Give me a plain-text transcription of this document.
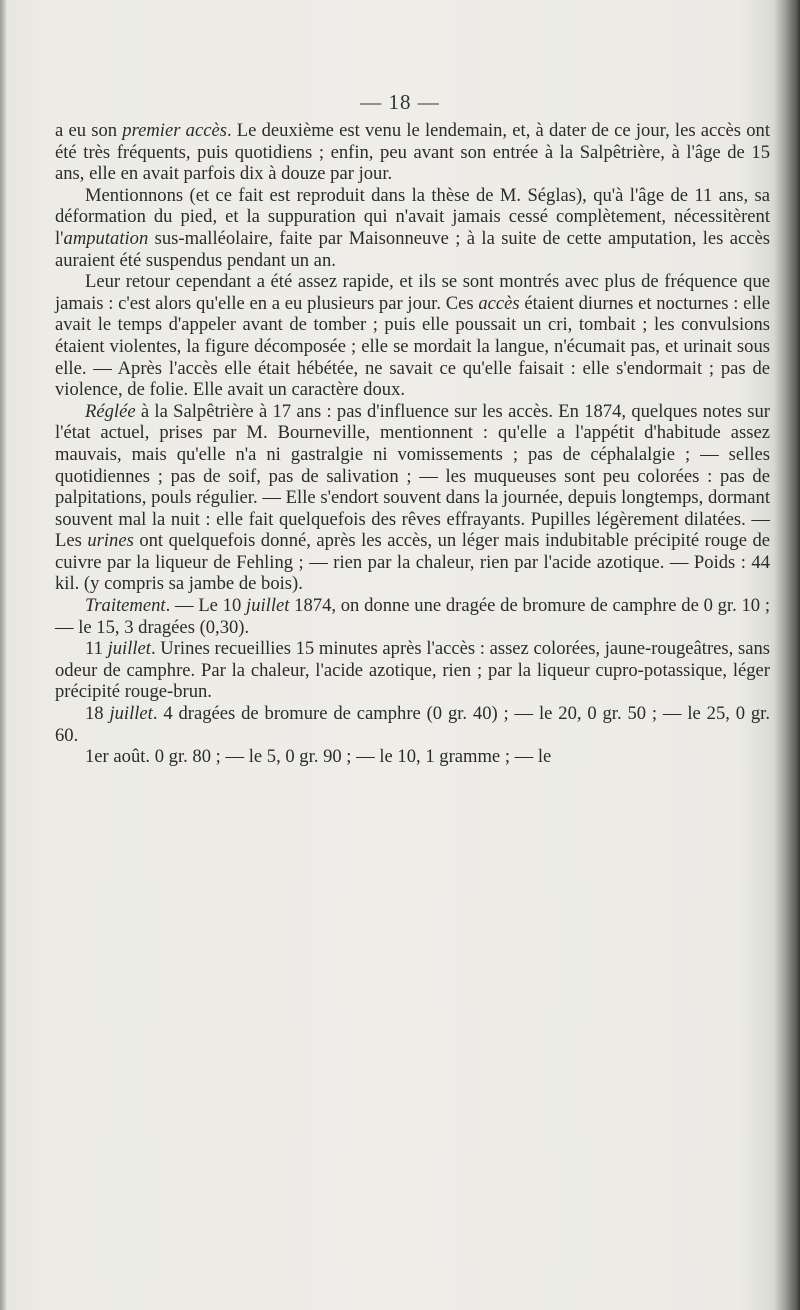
— 18 —

a eu son premier accès. Le deuxième est venu le lendemain, et, à dater de ce jour, les accès ont été très fréquents, puis quotidiens ; enfin, peu avant son entrée à la Salpêtrière, à l'âge de 15 ans, elle en avait parfois dix à douze par jour.

Mentionnons (et ce fait est reproduit dans la thèse de M. Séglas), qu'à l'âge de 11 ans, sa déformation du pied, et la suppuration qui n'avait jamais cessé complètement, nécessitèrent l'amputation sus-malléolaire, faite par Maisonneuve ; à la suite de cette amputation, les accès auraient été suspendus pendant un an.

Leur retour cependant a été assez rapide, et ils se sont montrés avec plus de fréquence que jamais : c'est alors qu'elle en a eu plusieurs par jour. Ces accès étaient diurnes et nocturnes : elle avait le temps d'appeler avant de tomber ; puis elle poussait un cri, tombait ; les convulsions étaient violentes, la figure décomposée ; elle se mordait la langue, n'écumait pas, et urinait sous elle. — Après l'accès elle était hébétée, ne savait ce qu'elle faisait : elle s'endormait ; pas de violence, de folie. Elle avait un caractère doux.

Réglée à la Salpêtrière à 17 ans : pas d'influence sur les accès. En 1874, quelques notes sur l'état actuel, prises par M. Bourneville, mentionnent : qu'elle a l'appétit d'habitude assez mauvais, mais qu'elle n'a ni gastralgie ni vomissements ; pas de céphalalgie ; — selles quotidiennes ; pas de soif, pas de salivation ; — les muqueuses sont peu colorées : pas de palpitations, pouls régulier. — Elle s'endort souvent dans la journée, depuis longtemps, dormant souvent mal la nuit : elle fait quelquefois des rêves effrayants. Pupilles légèrement dilatées. — Les urines ont quelquefois donné, après les accès, un léger mais indubitable précipité rouge de cuivre par la liqueur de Fehling ; — rien par la chaleur, rien par l'acide azotique. — Poids : 44 kil. (y compris sa jambe de bois).

Traitement. — Le 10 juillet 1874, on donne une dragée de bromure de camphre de 0 gr. 10 ; — le 15, 3 dragées (0,30).

11 juillet. Urines recueillies 15 minutes après l'accès : assez colorées, jaune-rougeâtres, sans odeur de camphre. Par la chaleur, l'acide azotique, rien ; par la liqueur cupro-potassique, léger précipité rouge-brun.

18 juillet. 4 dragées de bromure de camphre (0 gr. 40) ; — le 20, 0 gr. 50 ; — le 25, 0 gr. 60.

1er août. 0 gr. 80 ; — le 5, 0 gr. 90 ; — le 10, 1 gramme ; — le
